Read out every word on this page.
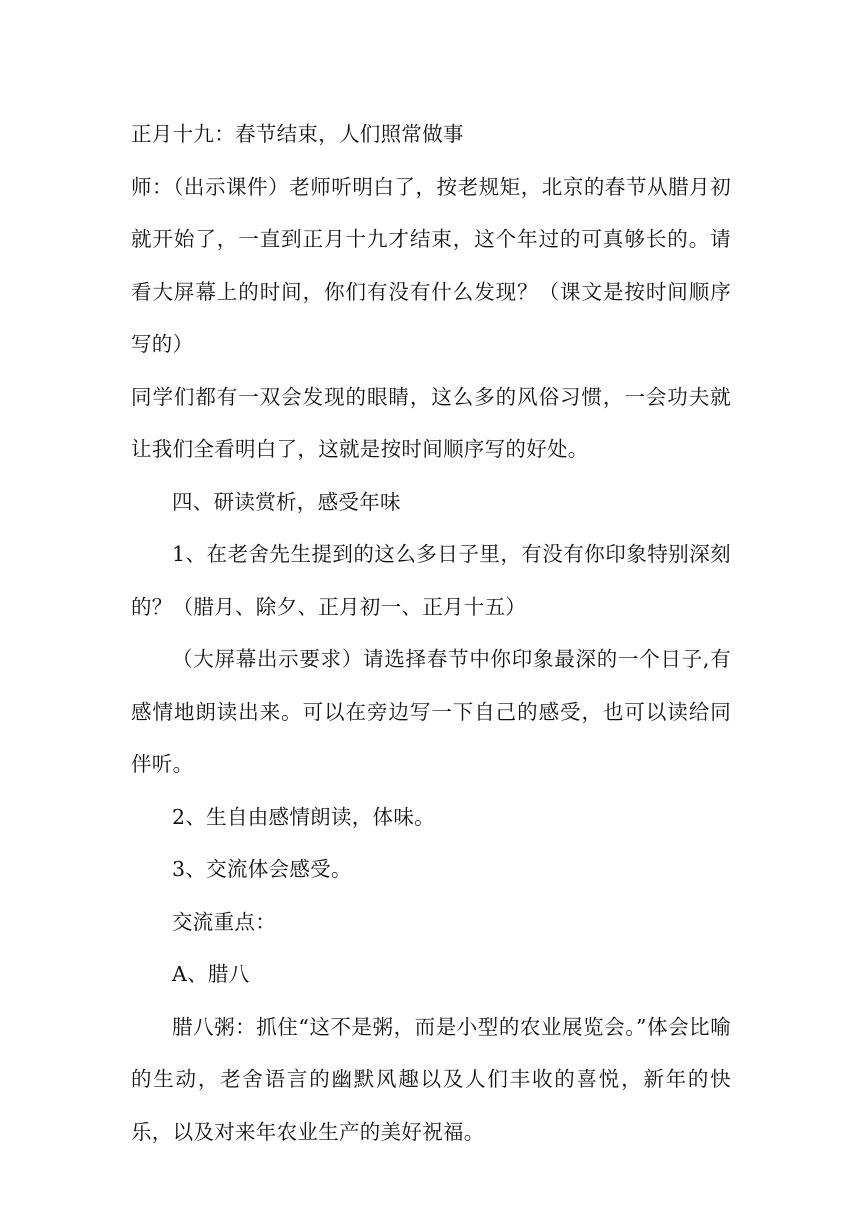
正月十九：春节结束，人们照常做事

师：（出示课件）老师听明白了，按老规矩，北京的春节从腊月初就开始了，一直到正月十九才结束，这个年过的可真够长的。请看大屏幕上的时间，你们有没有什么发现？（课文是按时间顺序写的）

同学们都有一双会发现的眼睛，这么多的风俗习惯，一会功夫就让我们全看明白了，这就是按时间顺序写的好处。

四、研读赏析，感受年味

1、在老舍先生提到的这么多日子里，有没有你印象特别深刻的？（腊月、除夕、正月初一、正月十五）

（大屏幕出示要求）请选择春节中你印象最深的一个日子,有感情地朗读出来。可以在旁边写一下自己的感受，也可以读给同伴听。

2、生自由感情朗读，体味。

3、交流体会感受。

交流重点：

A、腊八

腊八粥：抓住“这不是粥，而是小型的农业展览会。”体会比喻的生动，老舍语言的幽默风趣以及人们丰收的喜悦，新年的快乐，以及对来年农业生产的美好祝福。
